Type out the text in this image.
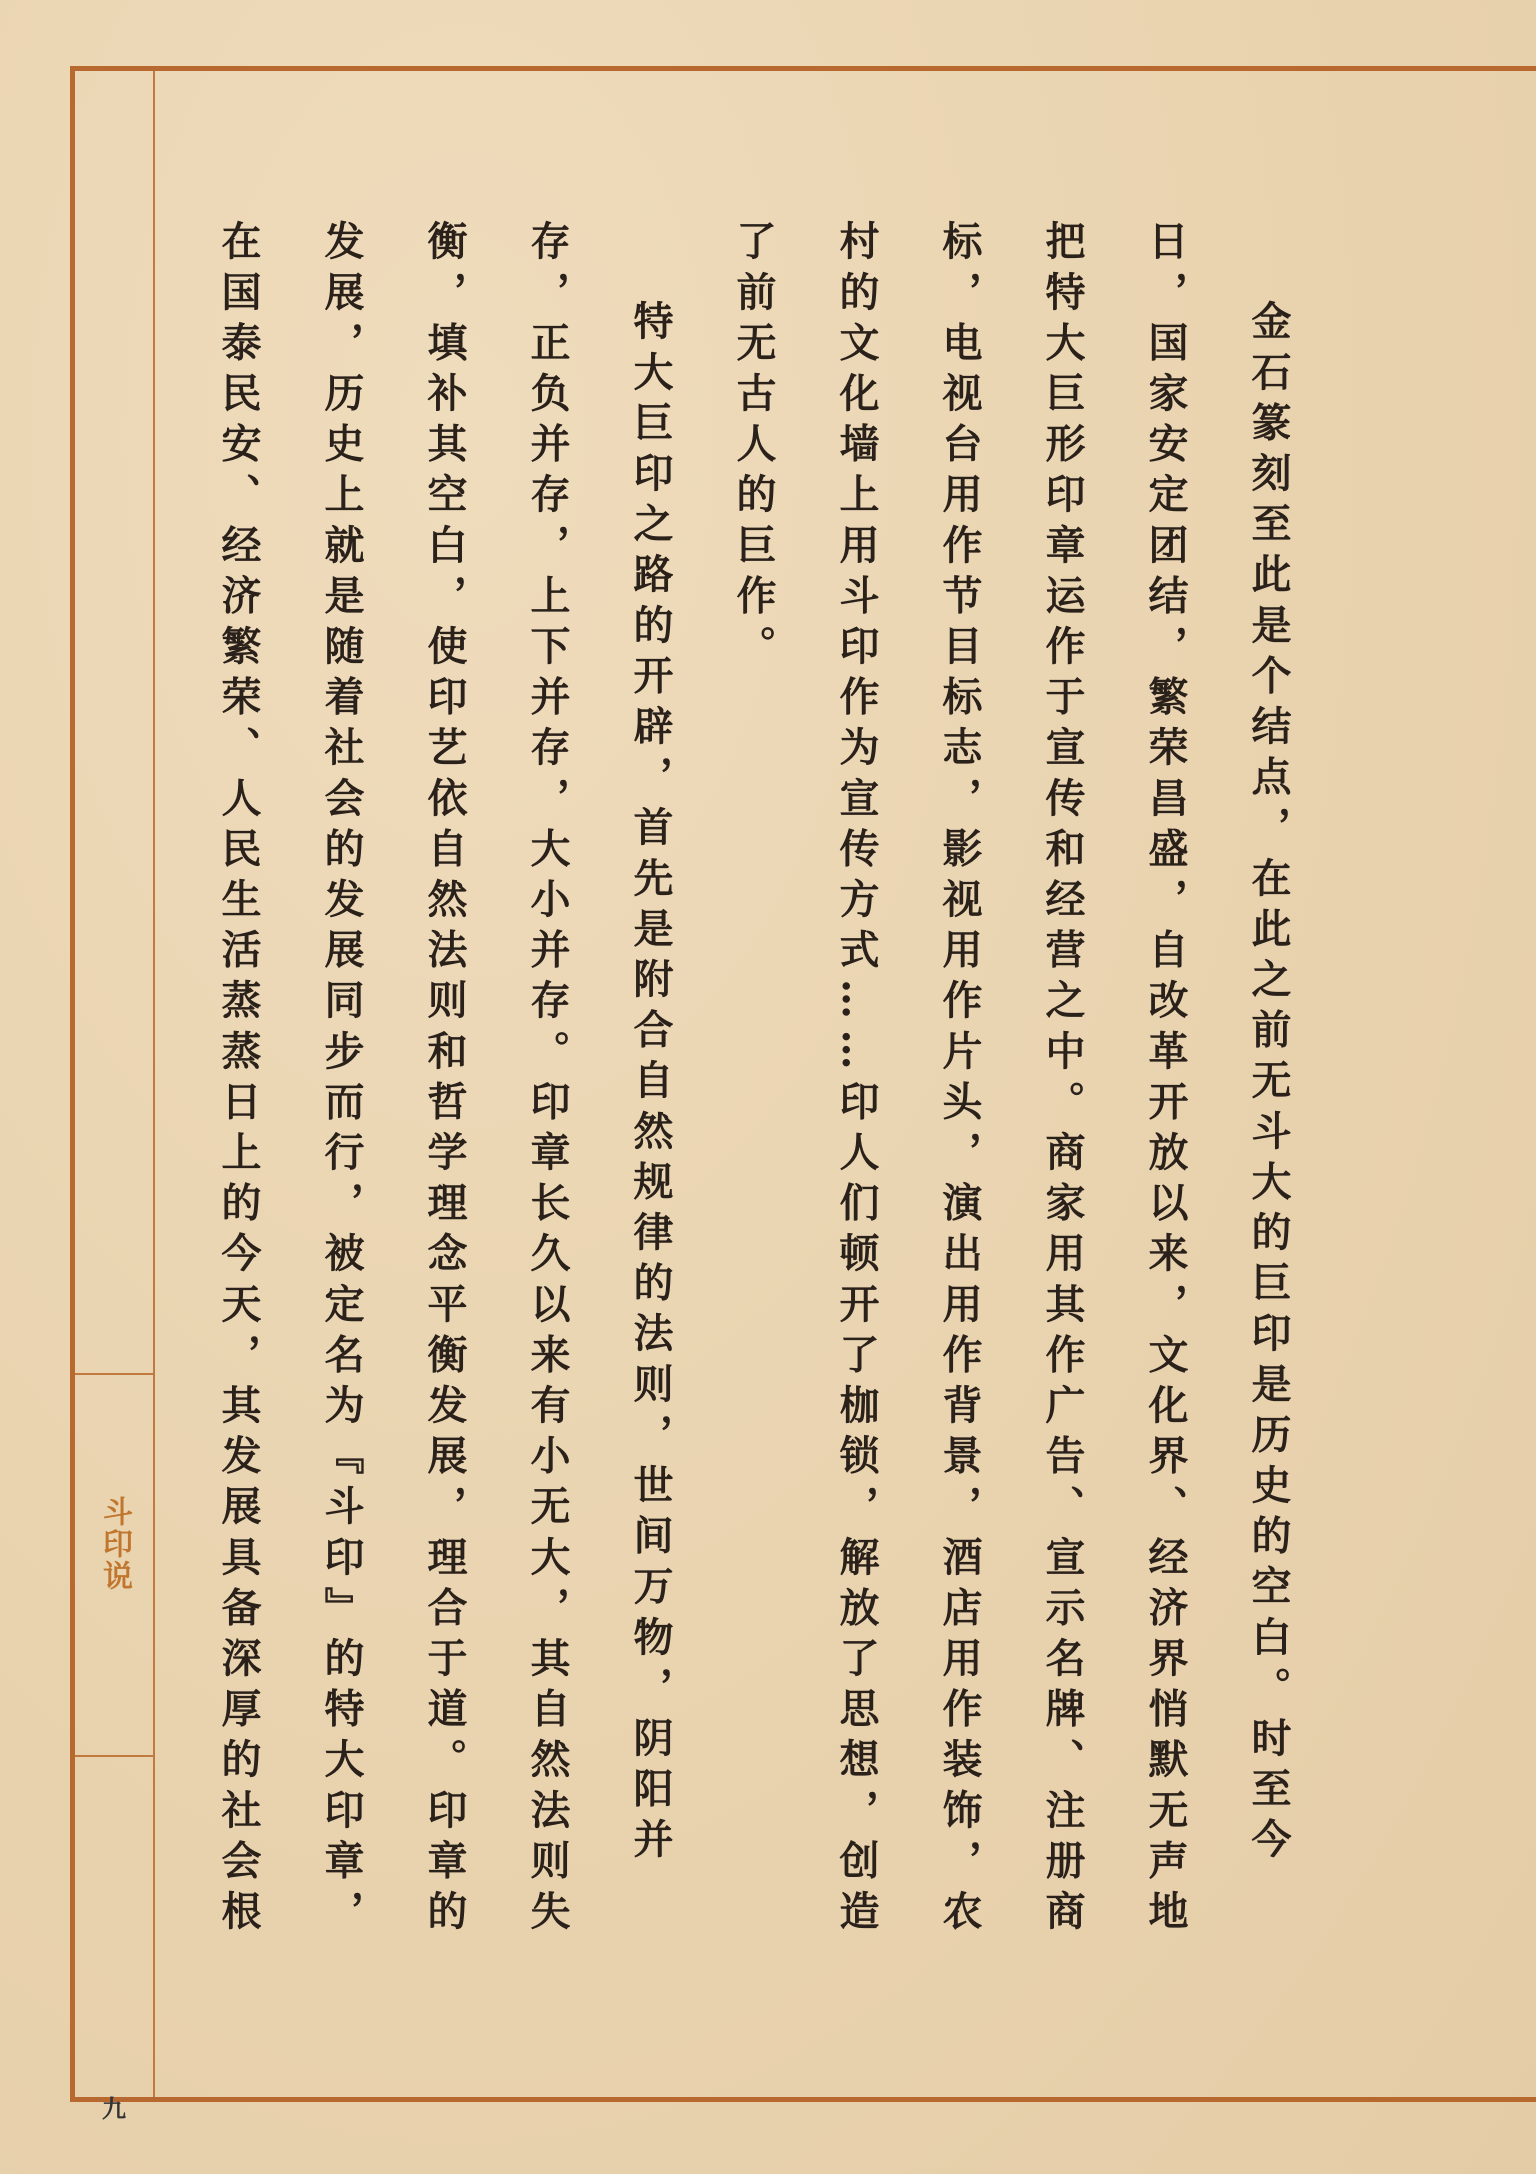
斗印说
九

金石篆刻至此是个结点，在此之前无斗大的巨印是历史的空白。时至今日，国家安定团结，繁荣昌盛，自改革开放以来，文化界、经济界悄默无声地把特大巨形印章运作于宣传和经营之中。商家用其作广告、宣示名牌、注册商标，电视台用作节目标志，影视用作片头，演出用作背景，酒店用作装饰，农村的文化墙上用斗印作为宣传方式……印人们顿开了枷锁，解放了思想，创造了前无古人的巨作。

特大巨印之路的开辟，首先是附合自然规律的法则，世间万物，阴阳并存，正负并存，上下并存，大小并存。印章长久以来有小无大，其自然法则失衡，填补其空白，使印艺依自然法则和哲学理念平衡发展，理合于道。印章的发展，历史上就是随着社会的发展同步而行，被定名为『斗印』的特大印章，在国泰民安、经济繁荣、人民生活蒸蒸日上的今天，其发展具备深厚的社会根
